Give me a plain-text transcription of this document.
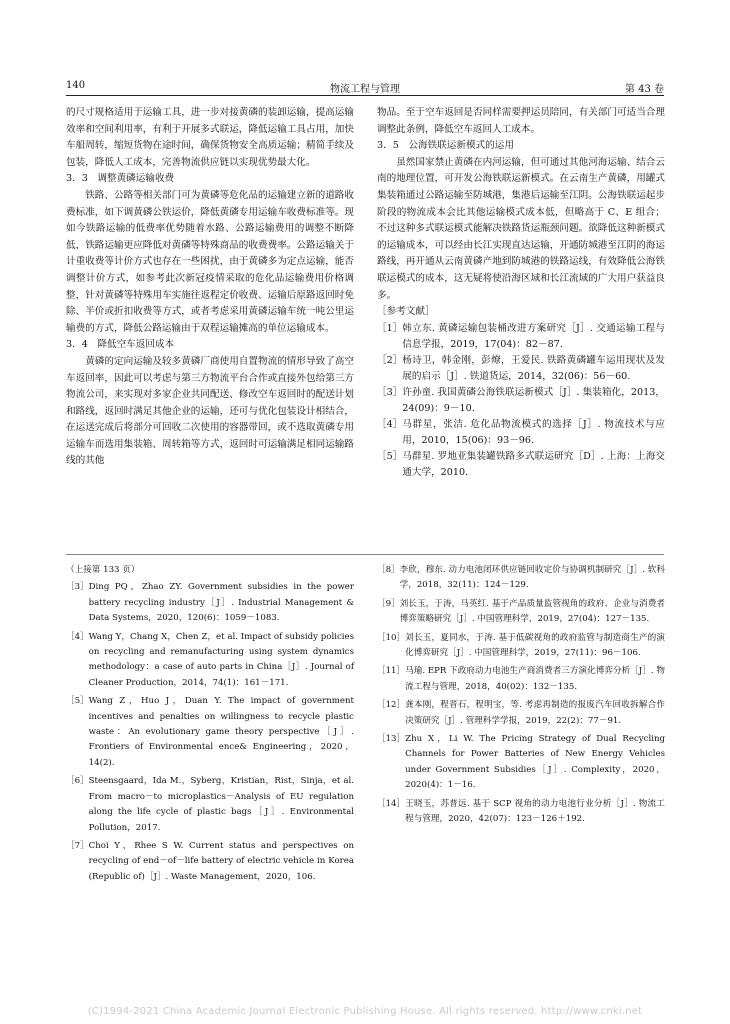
140	物流工程与管理	第 43 卷

的尺寸规格适用于运输工具，进一步对接黄磷的装卸运输，提高运输效率和空间利用率，有利于开展多式联运，降低运输工具占用，加快车船周转，缩短货物在途时间，确保货物安全高质运输；精简手续及包装，降低人工成本，完善物流供应链以实现优势最大化。

3．3　调整黄磷运输收费

铁路、公路等相关部门可为黄磷等危化品的运输建立新的道路收费标准，如下调黄磷公铁运价，降低黄磷专用运输车收费标准等。现如今铁路运输的低费率优势随着水路、公路运输费用的调整不断降低，铁路运输更应降低对黄磷等特殊商品的收费费率。公路运输关于计重收费等计价方式也存在一些困扰，由于黄磷多为定点运输，能否调整计价方式，如参考此次新冠疫情采取的危化品运输费用价格调整，针对黄磷等特殊用车实施往返程定价收费、运输后原路返回时免除、半价或折扣收费等方式，或者考虑采用黄磷运输车统一吨公里运输费的方式，降低公路运输由于双程运输摊高的单位运输成本。

3．4　降低空车返回成本

黄磷的定向运输及较多黄磷厂商使用自置物流的情形导致了高空车返回率，因此可以考虑与第三方物流平台合作或直接外包给第三方物流公司，来实现对多家企业共同配送、修改空车返回时的配送计划和路线，返回时满足其他企业的运输，还可与优化包装设计相结合，在运送完成后将部分可回收二次使用的容器带回，或不选取黄磷专用运输车而选用集装箱、周转箱等方式，返回时可运输满足相同运输路线的其他

物品。至于空车返回是否同样需要押运员陪同，有关部门可适当合理调整此条例，降低空车返回人工成本。

3．5　公海铁联运新模式的运用

虽然国家禁止黄磷在内河运输，但可通过其他河海运输、结合云南的地理位置，可开发公海铁联运新模式。在云南生产黄磷，用罐式集装箱通过公路运输至防城港，集港后运输至江阴。公海铁联运起步阶段的物流成本会比其他运输模式成本低，但略高于 C、E 组合；不过这种多式联运模式能解决铁路货运瓶颈问题。欲降低这种新模式的运输成本，可以经由长江实现直达运输，开通防城港至江阴的海运路线，再开通从云南黄磷产地到防城港的铁路运线，有效降低公海铁联运模式的成本，这无疑将使沿海区域和长江流域的广大用户获益良多。

［参考文献］

［1］ 韩立东. 黄磷运输包装桶改进方案研究［J］. 交通运输工程与信息学报，2019，17(04)：82－87.
［2］ 杨诗卫，韩金刚，彭燎，王爱民. 铁路黄磷罐车运用现状及发展的启示［J］. 铁道货运，2014，32(06)：56－60.
［3］ 许孙童. 我国黄磷公海铁联运新模式［J］. 集装箱化，2013，24(09)：9－10.
［4］ 马群星，张洁. 危化品物流模式的选择［J］. 物流技术与应用，2010，15(06)：93－96.
［5］ 马群星. 罗地亚集装罐铁路多式联运研究［D］. 上海：上海交通大学，2010.

（上接第 133 页）

［3］ Ding PQ，Zhao ZY. Government subsidies in the power battery recycling industry［J］. Industrial Management & Data Systems，2020，120(6)：1059－1083.
［4］ Wang Y，Chang X，Chen Z，et al. Impact of subsidy policies on recycling and remanufacturing using system dynamics methodology：a case of auto parts in China［J］. Journal of Cleaner Production，2014，74(1)：161－171.
［5］ Wang Z，Huo J，Duan Y. The impact of government incentives and penalties on willingness to recycle plastic waste：An evolutionary game theory perspective［J］. Frontiers of Environmental ence& Engineering，2020，14(2).
［6］ Steensgaard，Ida M.，Syberg，Kristian，Rist，Sinja，et al. From macro－to microplastics－Analysis of EU regulation along the life cycle of plastic bags［J］. Environmental Pollution，2017.
［7］ Choi Y，Rhee S W. Current status and perspectives on recycling of end－of－life battery of electric vehicle in Korea (Republic of)［J］. Waste Management，2020，106.
［8］ 李欣，穆东. 动力电池闭环供应链回收定价与协调机制研究［J］. 软科学，2018，32(11)：124－129.
［9］ 刘长玉，于涛，马英红. 基于产品质量监管视角的政府、企业与消费者博弈策略研究［J］. 中国管理科学，2019，27(04)：127－135.
［10］ 刘长玉，夏同水，于涛. 基于低碳视角的政府监管与制造商生产的演化博弈研究［J］. 中国管理科学，2019，27(11)：96－106.
［11］ 马瑜. EPR 下政府动力电池生产商消费者三方演化博弈分析［J］. 物流工程与管理，2018，40(02)：132－135.
［12］ 龚本刚，程晋石，程明宝，等. 考虑再制造的报废汽车回收拆解合作决策研究［J］. 管理科学学报，2019，22(2)：77－91.
［13］ Zhu X，Li W. The Pricing Strategy of Dual Recycling Channels for Power Batteries of New Energy Vehicles under Government Subsidies［J］. Complexity，2020，2020(4)：1－16.
［14］ 王晓玉，苏普远. 基于 SCP 视角的动力电池行业分析［J］. 物流工程与管理，2020，42(07)：123－126＋192.
(C)1994-2021 China Academic Journal Electronic Publishing House. All rights reserved. http://www.cnki.net
